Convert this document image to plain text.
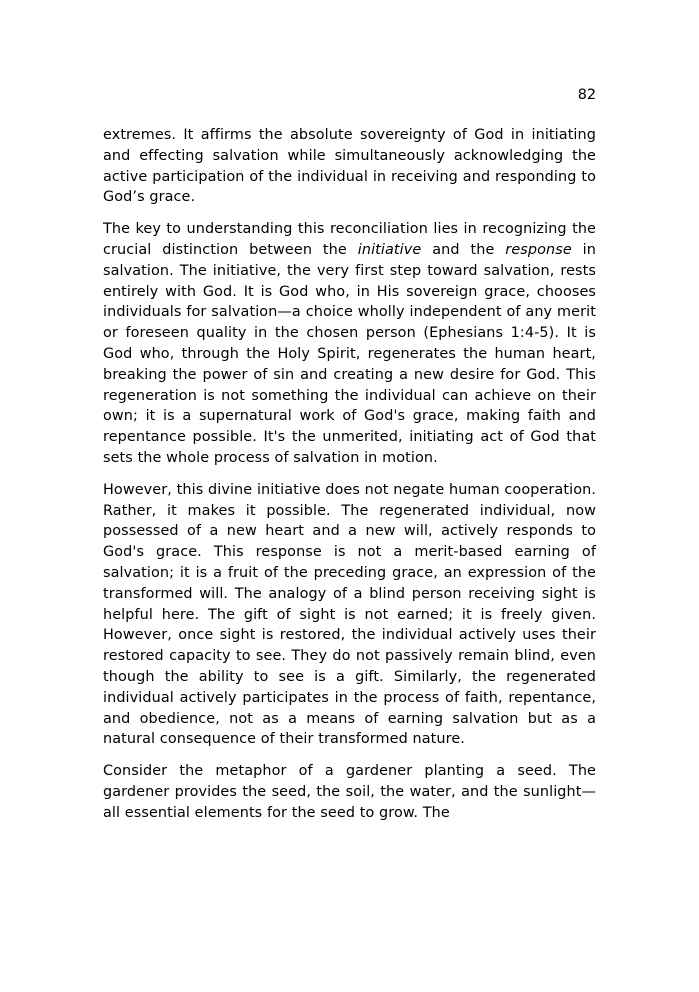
82

extremes. It affirms the absolute sovereignty of God in initiating and effecting salvation while simultaneously acknowledging the active participation of the individual in receiving and responding to God’s grace.

The key to understanding this reconciliation lies in recognizing the crucial distinction between the initiative and the response in salvation. The initiative, the very first step toward salvation, rests entirely with God. It is God who, in His sovereign grace, chooses individuals for salvation—a choice wholly independent of any merit or foreseen quality in the chosen person (Ephesians 1:4-5). It is God who, through the Holy Spirit, regenerates the human heart, breaking the power of sin and creating a new desire for God. This regeneration is not something the individual can achieve on their own; it is a supernatural work of God's grace, making faith and repentance possible. It's the unmerited, initiating act of God that sets the whole process of salvation in motion.

However, this divine initiative does not negate human cooperation. Rather, it makes it possible. The regenerated individual, now possessed of a new heart and a new will, actively responds to God's grace. This response is not a merit-based earning of salvation; it is a fruit of the preceding grace, an expression of the transformed will. The analogy of a blind person receiving sight is helpful here. The gift of sight is not earned; it is freely given. However, once sight is restored, the individual actively uses their restored capacity to see. They do not passively remain blind, even though the ability to see is a gift. Similarly, the regenerated individual actively participates in the process of faith, repentance, and obedience, not as a means of earning salvation but as a natural consequence of their transformed nature.

Consider the metaphor of a gardener planting a seed. The gardener provides the seed, the soil, the water, and the sunlight—all essential elements for the seed to grow. The
